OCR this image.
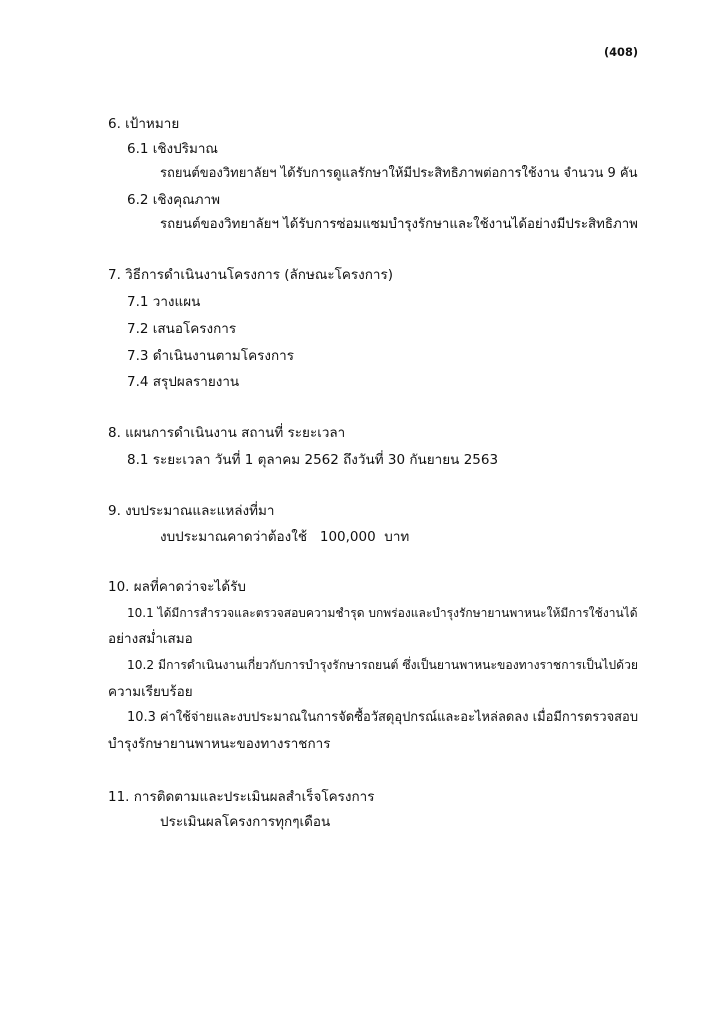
(408)
6. เป้าหมาย
6.1 เชิงปริมาณ
รถยนต์ของวิทยาลัยฯ ได้รับการดูแลรักษาให้มีประสิทธิภาพต่อการใช้งาน จำนวน 9 คัน
6.2 เชิงคุณภาพ
รถยนต์ของวิทยาลัยฯ ได้รับการซ่อมแซมบำรุงรักษาและใช้งานได้อย่างมีประสิทธิภาพ
7. วิธีการดำเนินงานโครงการ (ลักษณะโครงการ)
7.1 วางแผน
7.2 เสนอโครงการ
7.3 ดำเนินงานตามโครงการ
7.4 สรุปผลรายงาน
8. แผนการดำเนินงาน สถานที่ ระยะเวลา
8.1 ระยะเวลา วันที่ 1 ตุลาคม 2562 ถึงวันที่ 30 กันยายน 2563
9. งบประมาณและแหล่งที่มา
งบประมาณคาดว่าต้องใช้   100,000  บาท
10. ผลที่คาดว่าจะได้รับ
10.1 ได้มีการสำรวจและตรวจสอบความชำรุด บกพร่องและบำรุงรักษายานพาหนะให้มีการใช้งานได้
อย่างสม่ำเสมอ
10.2 มีการดำเนินงานเกี่ยวกับการบำรุงรักษารถยนต์ ซึ่งเป็นยานพาหนะของทางราชการเป็นไปด้วย
ความเรียบร้อย
10.3 ค่าใช้จ่ายและงบประมาณในการจัดซื้อวัสดุอุปกรณ์และอะไหล่ลดลง เมื่อมีการตรวจสอบ
บำรุงรักษายานพาหนะของทางราชการ
11. การติดตามและประเมินผลสำเร็จโครงการ
ประเมินผลโครงการทุกๆเดือน
